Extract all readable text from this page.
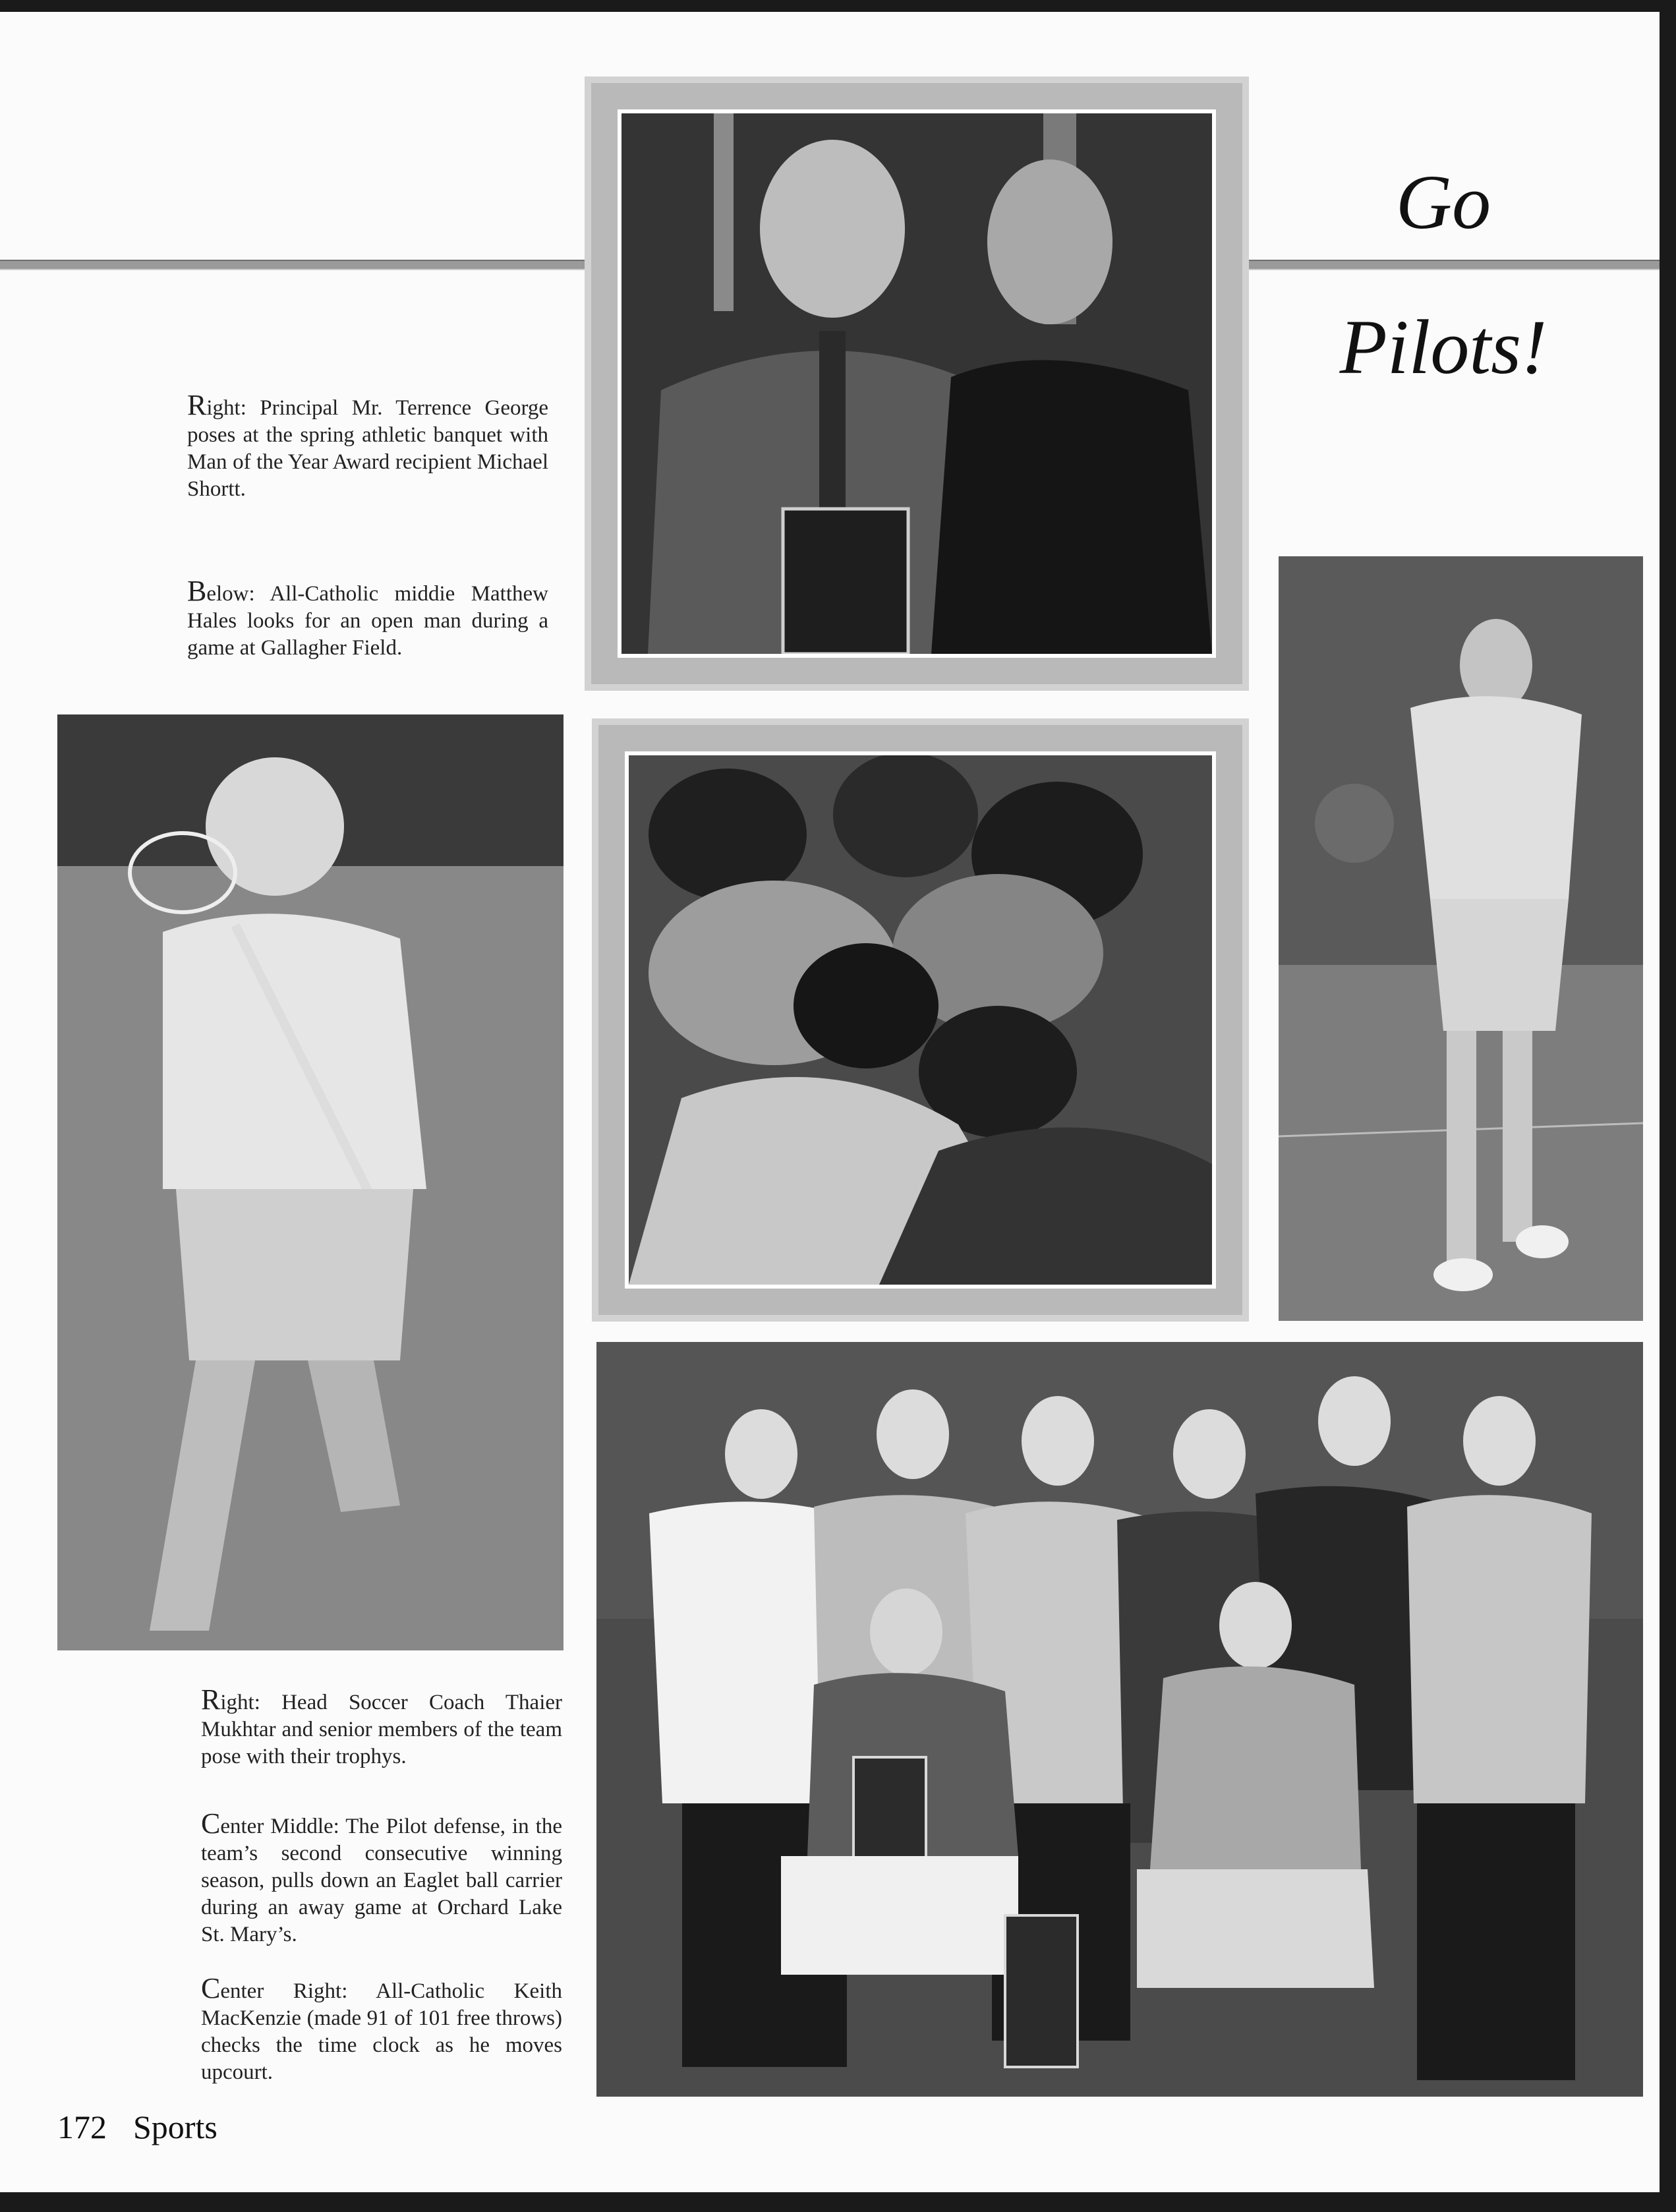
Go
Pilots!

Right: Principal Mr. Terrence George poses at the spring athletic banquet with Man of the Year Award recipient Michael Shortt.

Below: All-Catholic middie Matthew Hales looks for an open man during a game at Gallagher Field.

Right: Head Soccer Coach Thaier Mukhtar and senior members of the team pose with their trophys.

Center Middle: The Pilot defense, in the team’s second consecutive winning season, pulls down an Eaglet ball carrier during an away game at Orchard Lake St. Mary’s.

Center Right: All-Catholic Keith MacKenzie (made 91 of 101 free throws) checks the time clock as he moves upcourt.

172 Sports
